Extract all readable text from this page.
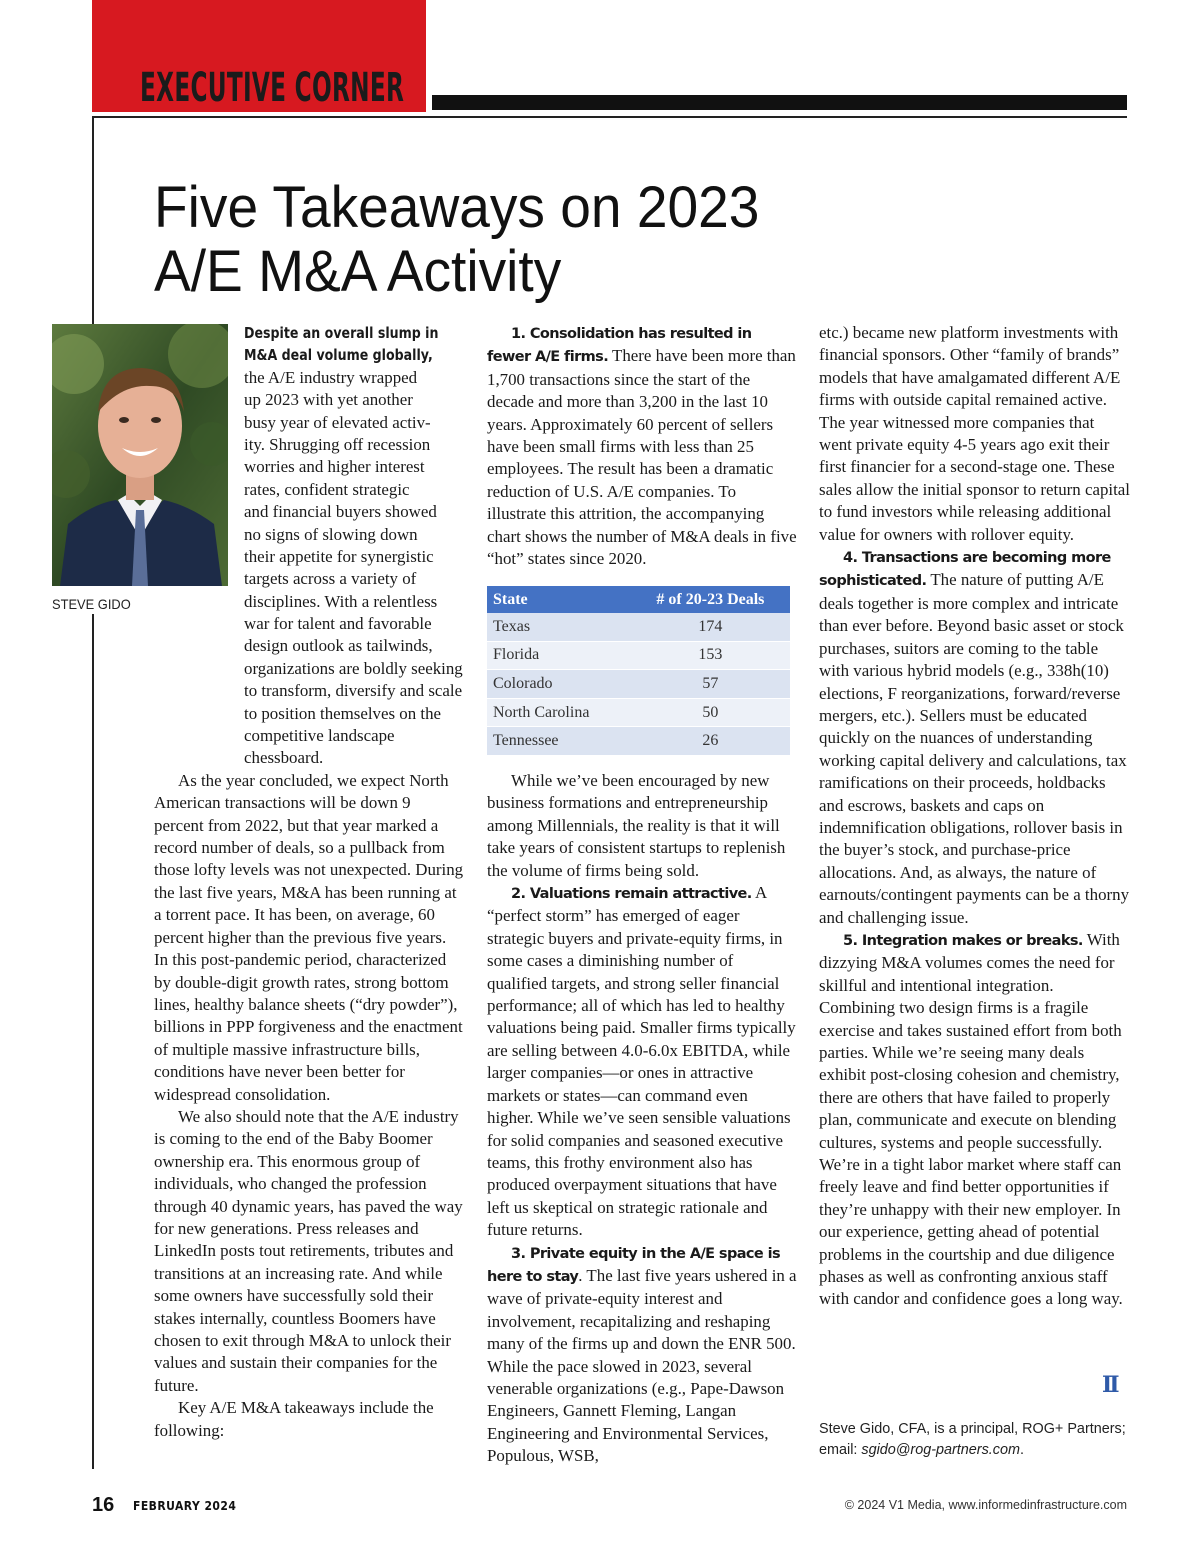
EXECUTIVE CORNER
Five Takeaways on 2023
A/E M&A Activity
STEVE GIDO
Despite an overall slump in
M&A deal volume globally,
the A/E industry wrapped
up 2023 with yet another
busy year of elevated activ-
ity. Shrugging off recession
worries and higher interest
rates, confident strategic
and financial buyers showed
no signs of slowing down
their appetite for synergistic
targets across a variety of
disciplines. With a relentless

war for talent and favorable design outlook as tailwinds, organizations are boldly seeking to transform, diversify and scale to position themselves on the competitive landscape chessboard.

As the year concluded, we expect North American transactions will be down 9 percent from 2022, but that year marked a record number of deals, so a pullback from those lofty levels was not unexpected. During the last five years, M&A has been running at a torrent pace. It has been, on average, 60 percent higher than the previous five years. In this post-pandemic period, characterized by double-digit growth rates, strong bottom lines, healthy balance sheets (“dry powder”), billions in PPP forgiveness and the enactment of multiple massive infrastructure bills, conditions have never been better for widespread consolidation.

We also should note that the A/E industry is coming to the end of the Baby Boomer ownership era. This enormous group of individuals, who changed the profession through 40 dynamic years, has paved the way for new generations. Press releases and LinkedIn posts tout retirements, tributes and transitions at an increasing rate. And while some owners have successfully sold their stakes internally, countless Boomers have chosen to exit through M&A to unlock their values and sustain their companies for the future.

Key A/E M&A takeaways include the following:

1. Consolidation has resulted in fewer A/E firms. There have been more than 1,700 transactions since the start of the decade and more than 3,200 in the last 10 years. Approximately 60 percent of sellers have been small firms with less than 25 employees. The result has been a dramatic reduction of U.S. A/E companies. To illustrate this attrition, the accompanying chart shows the number of M&A deals in five “hot” states since 2020.

State	# of 20-23 Deals
Texas	174
Florida	153
Colorado	57
North Carolina	50
Tennessee	26

While we’ve been encouraged by new business formations and entrepreneurship among Millennials, the reality is that it will take years of consistent startups to replenish the volume of firms being sold.

2. Valuations remain attractive. A “perfect storm” has emerged of eager strategic buyers and private-equity firms, in some cases a diminishing number of qualified targets, and strong seller financial performance; all of which has led to healthy valuations being paid. Smaller firms typically are selling between 4.0-6.0x EBITDA, while larger companies—or ones in attractive markets or states—can command even higher. While we’ve seen sensible valuations for solid companies and seasoned executive teams, this frothy environment also has produced overpayment situations that have left us skeptical on strategic rationale and future returns.

3. Private equity in the A/E space is here to stay. The last five years ushered in a wave of private-equity interest and involvement, recapitalizing and reshaping many of the firms up and down the ENR 500. While the pace slowed in 2023, several venerable organizations (e.g., Pape-Dawson Engineers, Gannett Fleming, Langan Engineering and Environmental Services, Populous, WSB,

etc.) became new platform investments with financial sponsors. Other “family of brands” models that have amalgamated different A/E firms with outside capital remained active. The year witnessed more companies that went private equity 4-5 years ago exit their first financier for a second-stage one. These sales allow the initial sponsor to return capital to fund investors while releasing additional value for owners with rollover equity.

4. Transactions are becoming more sophisticated. The nature of putting A/E deals together is more complex and intricate than ever before. Beyond basic asset or stock purchases, suitors are coming to the table with various hybrid models (e.g., 338h(10) elections, F reorganizations, forward/reverse mergers, etc.). Sellers must be educated quickly on the nuances of understanding working capital delivery and calculations, tax ramifications on their proceeds, holdbacks and escrows, baskets and caps on indemnification obligations, rollover basis in the buyer’s stock, and purchase-price allocations. And, as always, the nature of earnouts/contingent payments can be a thorny and challenging issue.

5. Integration makes or breaks. With dizzying M&A volumes comes the need for skillful and intentional integration. Combining two design firms is a fragile exercise and takes sustained effort from both parties. While we’re seeing many deals exhibit post-closing cohesion and chemistry, there are others that have failed to properly plan, communicate and execute on blending cultures, systems and people successfully. We’re in a tight labor market where staff can freely leave and find better opportunities if they’re unhappy with their new employer. In our experience, getting ahead of potential problems in the courtship and due diligence phases as well as confronting anxious staff with candor and confidence goes a long way.

II
Steve Gido, CFA, is a principal, ROG+ Partners;
email: sgido@rog-partners.com.
16 FEBRUARY 2024	© 2024 V1 Media, www.informedinfrastructure.com
